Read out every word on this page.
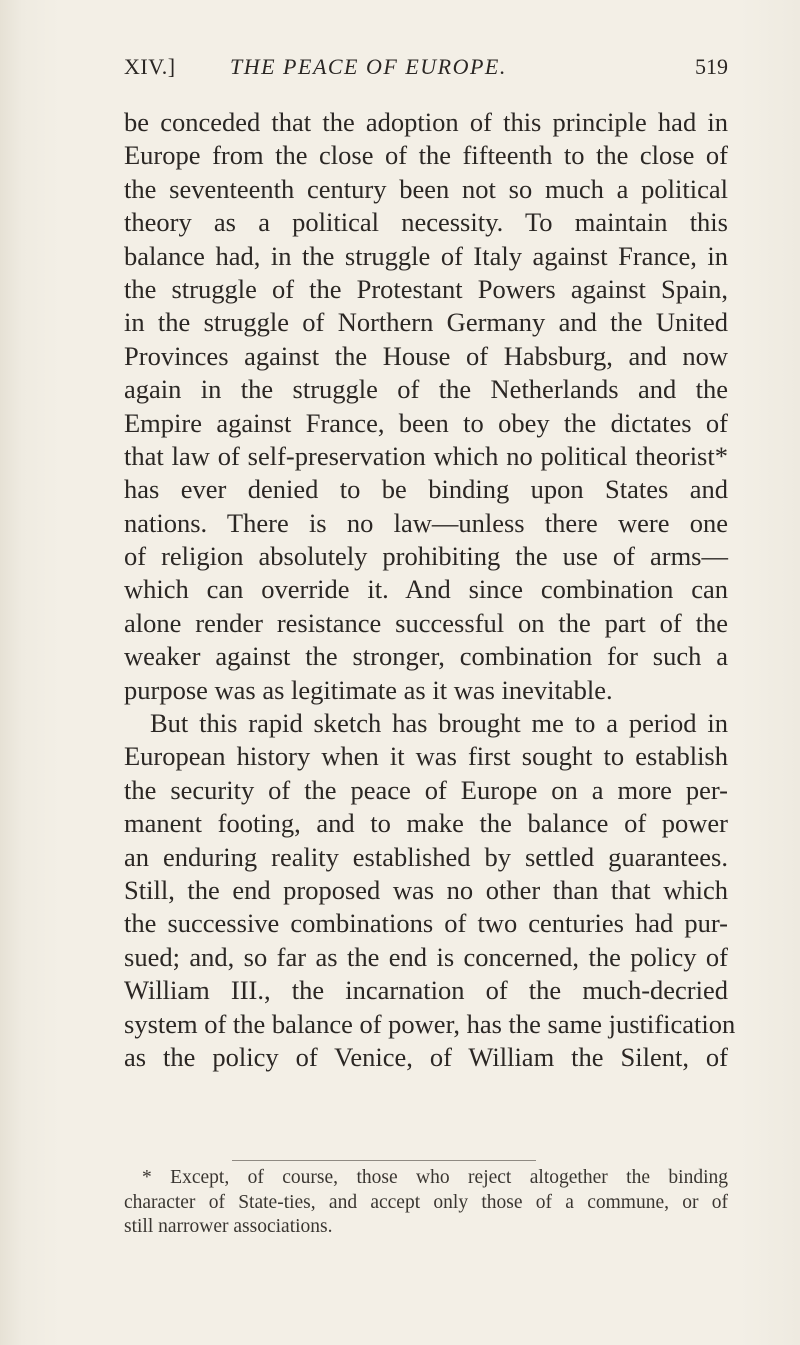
XIV.] THE PEACE OF EUROPE.	519
be conceded that the adoption of this principle had in
Europe from the close of the fifteenth to the close of
the seventeenth century been not so much a political
theory as a political necessity. To maintain this
balance had, in the struggle of Italy against France, in
the struggle of the Protestant Powers against Spain,
in the struggle of Northern Germany and the United
Provinces against the House of Habsburg, and now
again in the struggle of the Netherlands and the
Empire against France, been to obey the dictates of
that law of self-preservation which no political theorist*
has ever denied to be binding upon States and
nations. There is no law—unless there were one
of religion absolutely prohibiting the use of arms—
which can override it. And since combination can
alone render resistance successful on the part of the
weaker against the stronger, combination for such a
purpose was as legitimate as it was inevitable.
But this rapid sketch has brought me to a period in
European history when it was first sought to establish
the security of the peace of Europe on a more per-
manent footing, and to make the balance of power
an enduring reality established by settled guarantees.
Still, the end proposed was no other than that which
the successive combinations of two centuries had pur-
sued; and, so far as the end is concerned, the policy of
William III., the incarnation of the much-decried
system of the balance of power, has the same justification
as the policy of Venice, of William the Silent, of
* Except, of course, those who reject altogether the binding
character of State-ties, and accept only those of a commune, or of
still narrower associations.
